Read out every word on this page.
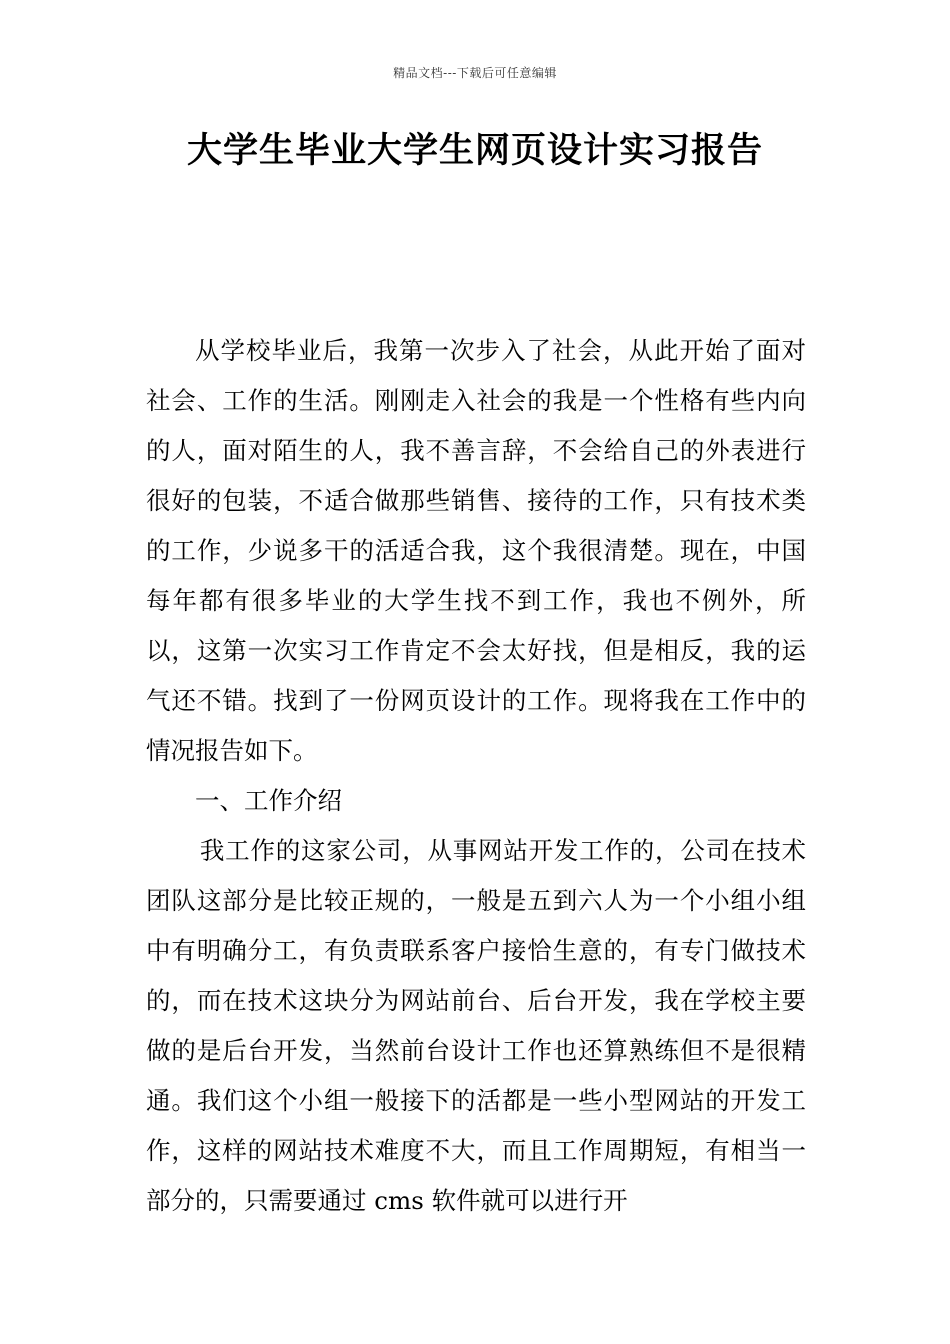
精品文档---下载后可任意编辑
大学生毕业大学生网页设计实习报告

从学校毕业后，我第一次步入了社会，从此开始了面对社会、工作的生活。刚刚走入社会的我是一个性格有些内向的人，面对陌生的人，我不善言辞，不会给自己的外表进行很好的包装，不适合做那些销售、接待的工作，只有技术类的工作，少说多干的活适合我，这个我很清楚。现在，中国每年都有很多毕业的大学生找不到工作，我也不例外，所以，这第一次实习工作肯定不会太好找，但是相反，我的运气还不错。找到了一份网页设计的工作。现将我在工作中的情况报告如下。

一、工作介绍

我工作的这家公司，从事网站开发工作的，公司在技术团队这部分是比较正规的，一般是五到六人为一个小组小组中有明确分工，有负责联系客户接恰生意的，有专门做技术的，而在技术这块分为网站前台、后台开发，我在学校主要做的是后台开发，当然前台设计工作也还算熟练但不是很精通。我们这个小组一般接下的活都是一些小型网站的开发工作，这样的网站技术难度不大，而且工作周期短，有相当一部分的，只需要通过 cms 软件就可以进行开
